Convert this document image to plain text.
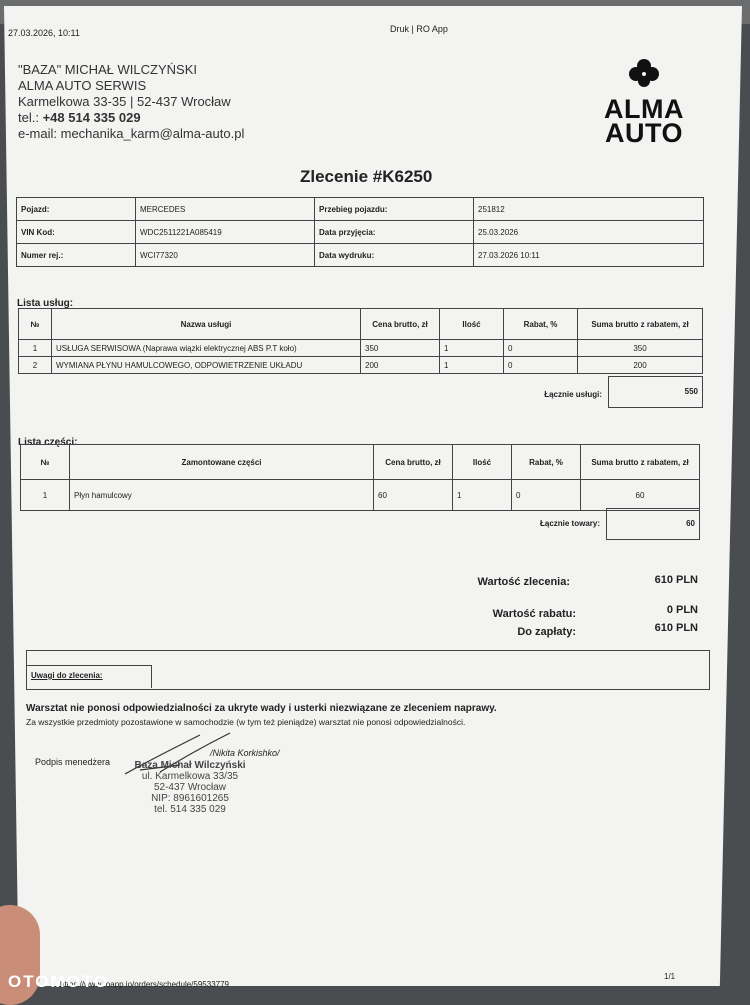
27.03.2026, 10:11	Druk | RO App
"BAZA" MICHAŁ WILCZYŃSKI
ALMA AUTO SERWIS
Karmelkowa 33-35 | 52-437 Wrocław
tel.: +48 514 335 029
e-mail: mechanika_karm@alma-auto.pl
ALMA
AUTO
Zlecenie #K6250
Pojazd:	MERCEDES	Przebieg pojazdu:	251812
VIN Kod:	WDC2511221A085419	Data przyjęcia:	25.03.2026
Numer rej.:	WCI77320	Data wydruku:	27.03.2026 10:11
Lista usług:
№	Nazwa usługi	Cena brutto, zł	Ilość	Rabat, %	Suma brutto z rabatem, zł
1	USŁUGA SERWISOWA (Naprawa wiązki elektrycznej ABS P.T koło)	350	1	0	350
2	WYMIANA PŁYNU HAMULCOWEGO, ODPOWIETRZENIE UKŁADU	200	1	0	200
Łącznie usługi:	550
Lista części:
№	Zamontowane części	Cena brutto, zł	Ilość	Rabat, %	Suma brutto z rabatem, zł
1	Płyn hamulcowy	60	1	0	60
Łącznie towary:	60
Wartość zlecenia:	610 PLN
Wartość rabatu:	0 PLN
Do zapłaty:	610 PLN
Uwagi do zlecenia:
Warsztat nie ponosi odpowiedzialności za ukryte wady i usterki niezwiązane ze zleceniem naprawy.
Za wszystkie przedmioty pozostawione w samochodzie (w tym też pieniądze) warsztat nie ponosi odpowiedzialności.
Podpis menedżera
/Nikita Korkishko/
Baza Michał Wilczyński
ul. Karmelkowa 33/35
52-437 Wrocław
NIP: 8961601265
tel. 514 335 029
https://www.roapp.io/orders/schedule/59533779
1/1
OTOMOTO
